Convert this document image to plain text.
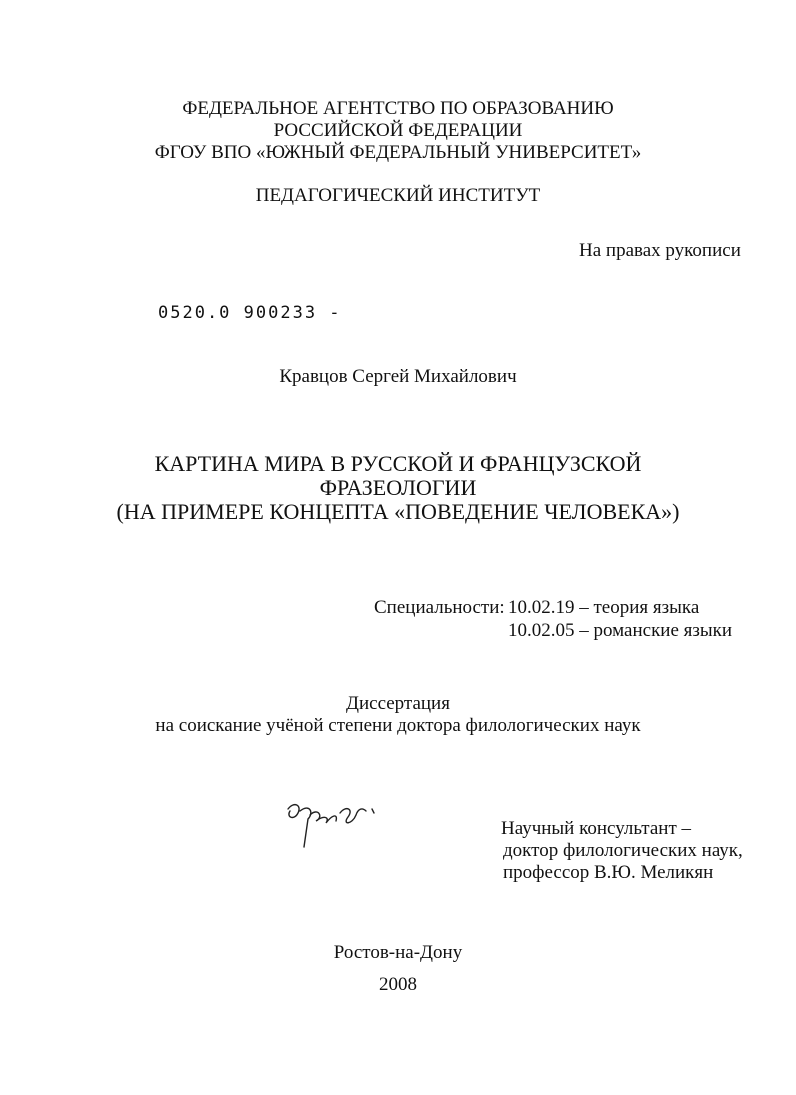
ФЕДЕРАЛЬНОЕ АГЕНТСТВО ПО ОБРАЗОВАНИЮ
РОССИЙСКОЙ ФЕДЕРАЦИИ
ФГОУ ВПО «ЮЖНЫЙ ФЕДЕРАЛЬНЫЙ УНИВЕРСИТЕТ»
ПЕДАГОГИЧЕСКИЙ ИНСТИТУТ
На правах рукописи
0520.0 900233 -
Кравцов Сергей Михайлович
КАРТИНА МИРА В РУССКОЙ И ФРАНЦУЗСКОЙ
ФРАЗЕОЛОГИИ
(НА ПРИМЕРЕ КОНЦЕПТА «ПОВЕДЕНИЕ ЧЕЛОВЕКА»)
Специальности: 10.02.19 – теория языка
10.02.05 – романские языки
Диссертация
на соискание учёной степени доктора филологических наук
Научный консультант –
доктор филологических наук,
профессор В.Ю. Меликян
Ростов-на-Дону
2008
